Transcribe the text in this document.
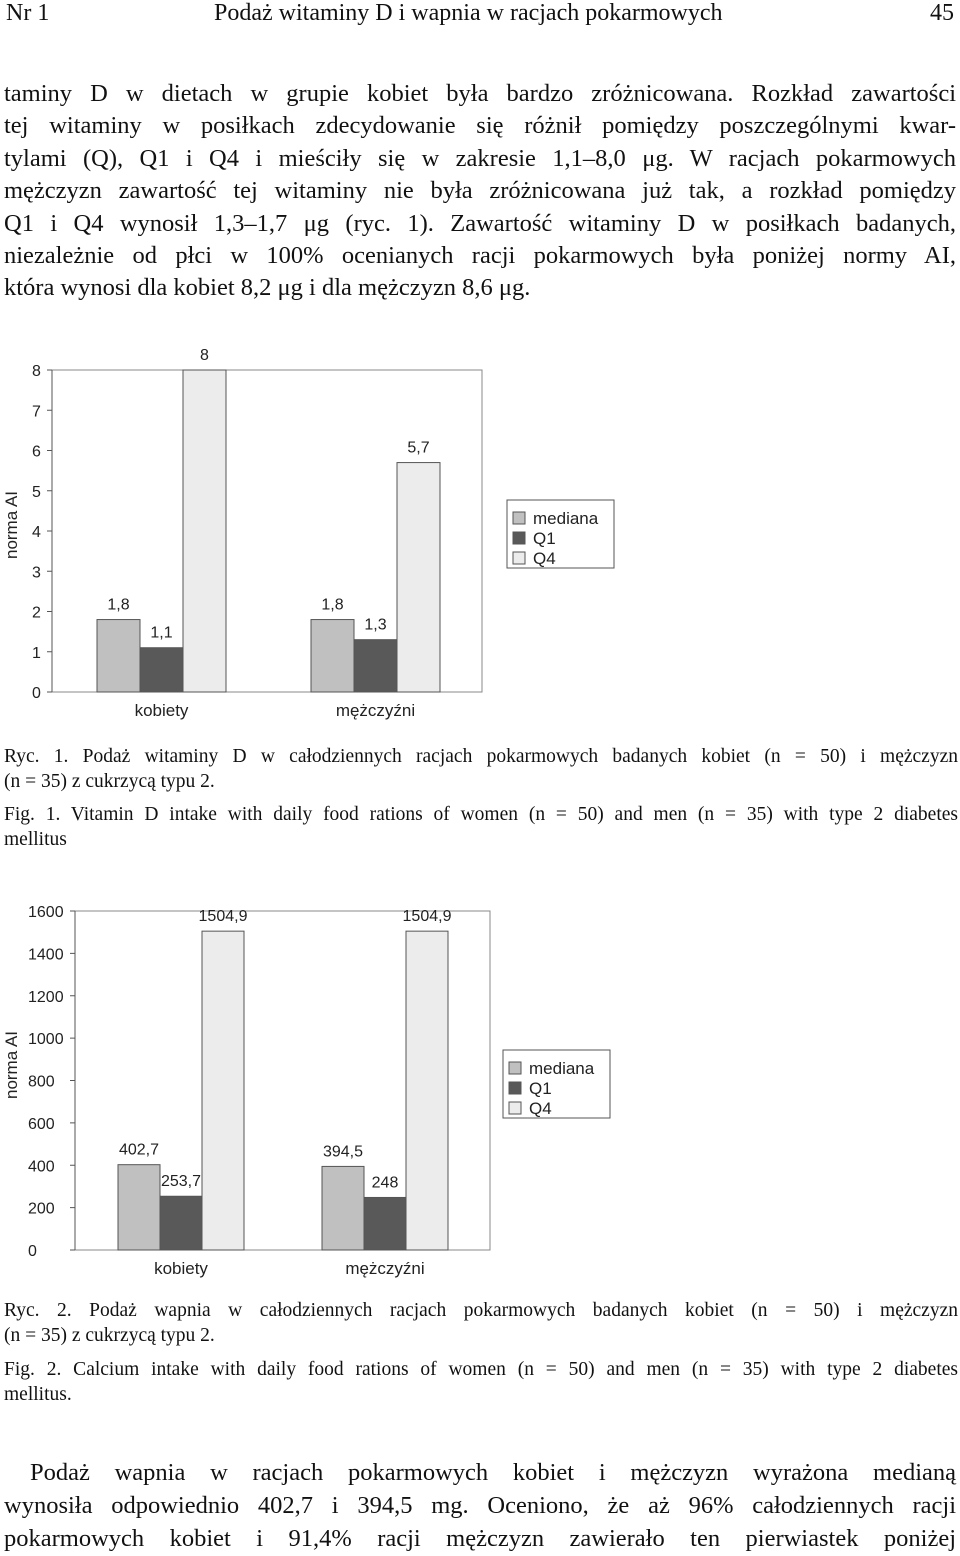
Nr 1	Podaż witaminy D i wapnia w racjach pokarmowych	45
taminy D w dietach w grupie kobiet była bardzo zróżnicowana. Rozkład zawartości
tej witaminy w posiłkach zdecydowanie się różnił pomiędzy poszczególnymi kwar-
tylami (Q), Q1 i Q4 i mieściły się w zakresie 1,1–8,0 μg. W racjach pokarmowych
mężczyzn zawartość tej witaminy nie była zróżnicowana już tak, a rozkład pomiędzy
Q1 i Q4 wynosił 1,3–1,7 μg (ryc. 1). Zawartość witaminy D w posiłkach badanych,
niezależnie od płci w 100% ocenianych racji pokarmowych była poniżej normy AI,
która wynosi dla kobiet 8,2 μg i dla mężczyzn 8,6 μg.
0
1
2
3
4
5
6
7
8
norma AI
1,8
1,1
8
kobiety
1,8
1,3
5,7
mężczyźni
mediana
Q1
Q4
Ryc. 1. Podaż witaminy D w całodziennych racjach pokarmowych badanych kobiet (n = 50) i mężczyzn
(n = 35) z cukrzycą typu 2.
Fig. 1. Vitamin D intake with daily food rations of women (n = 50) and men (n = 35) with type 2 diabetes
mellitus
0
200
400
600
800
1000
1200
1400
1600
norma AI
402,7
253,7
1504,9
kobiety
394,5
248
1504,9
mężczyźni
mediana
Q1
Q4
Ryc. 2. Podaż wapnia w całodziennych racjach pokarmowych badanych kobiet (n = 50) i mężczyzn
(n = 35) z cukrzycą typu 2.
Fig. 2. Calcium intake with daily food rations of women (n = 50) and men (n = 35) with type 2 diabetes
mellitus.
Podaż wapnia w racjach pokarmowych kobiet i mężczyzn wyrażona medianą
wynosiła odpowiednio 402,7 i 394,5 mg. Oceniono, że aż 96% całodziennych racji
pokarmowych kobiet i 91,4% racji mężczyzn zawierało ten pierwiastek poniżej
